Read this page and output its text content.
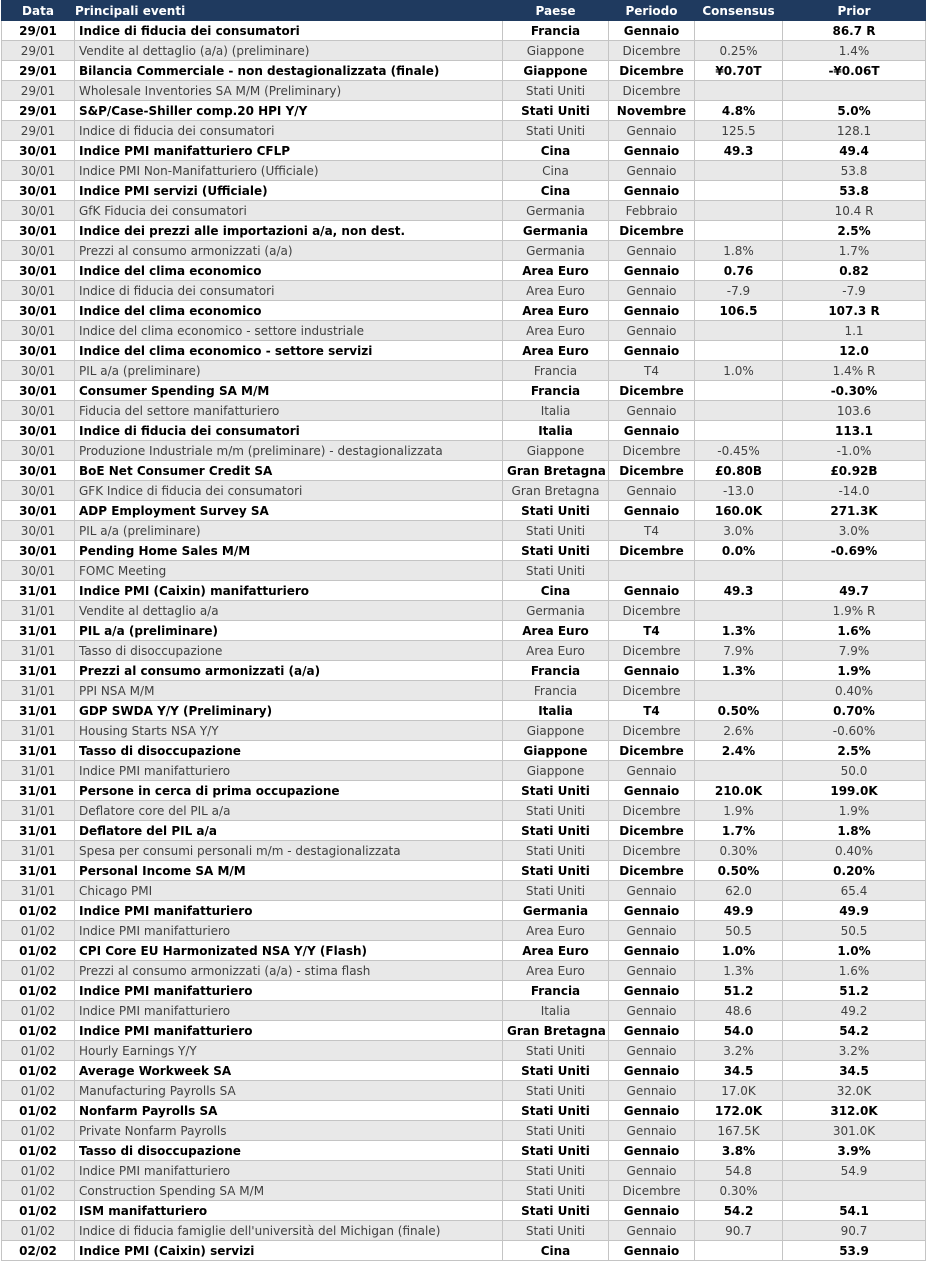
Data	Principali eventi	Paese	Periodo	Consensus	Prior
29/01	Indice di fiducia dei consumatori	Francia	Gennaio		86.7 R
29/01	Vendite al dettaglio (a/a) (preliminare)	Giappone	Dicembre	0.25%	1.4%
29/01	Bilancia Commerciale - non destagionalizzata (finale)	Giappone	Dicembre	¥0.70T	-¥0.06T
29/01	Wholesale Inventories SA M/M (Preliminary)	Stati Uniti	Dicembre		
29/01	S&P/Case-Shiller comp.20 HPI Y/Y	Stati Uniti	Novembre	4.8%	5.0%
29/01	Indice di fiducia dei consumatori	Stati Uniti	Gennaio	125.5	128.1
30/01	Indice PMI manifatturiero CFLP	Cina	Gennaio	49.3	49.4
30/01	Indice PMI Non-Manifatturiero (Ufficiale)	Cina	Gennaio		53.8
30/01	Indice PMI servizi (Ufficiale)	Cina	Gennaio		53.8
30/01	GfK Fiducia dei consumatori	Germania	Febbraio		10.4 R
30/01	Indice dei prezzi alle importazioni a/a, non dest.	Germania	Dicembre		2.5%
30/01	Prezzi al consumo armonizzati (a/a)	Germania	Gennaio	1.8%	1.7%
30/01	Indice del clima economico	Area Euro	Gennaio	0.76	0.82
30/01	Indice di fiducia dei consumatori	Area Euro	Gennaio	-7.9	-7.9
30/01	Indice del clima economico	Area Euro	Gennaio	106.5	107.3 R
30/01	Indice del clima economico - settore industriale	Area Euro	Gennaio		1.1
30/01	Indice del clima economico - settore servizi	Area Euro	Gennaio		12.0
30/01	PIL a/a (preliminare)	Francia	T4	1.0%	1.4% R
30/01	Consumer Spending SA M/M	Francia	Dicembre		-0.30%
30/01	Fiducia del settore manifatturiero	Italia	Gennaio		103.6
30/01	Indice di fiducia dei consumatori	Italia	Gennaio		113.1
30/01	Produzione Industriale m/m (preliminare) - destagionalizzata	Giappone	Dicembre	-0.45%	-1.0%
30/01	BoE Net Consumer Credit SA	Gran Bretagna	Dicembre	£0.80B	£0.92B
30/01	GFK Indice di fiducia dei consumatori	Gran Bretagna	Gennaio	-13.0	-14.0
30/01	ADP Employment Survey SA	Stati Uniti	Gennaio	160.0K	271.3K
30/01	PIL a/a (preliminare)	Stati Uniti	T4	3.0%	3.0%
30/01	Pending Home Sales M/M	Stati Uniti	Dicembre	0.0%	-0.69%
30/01	FOMC Meeting	Stati Uniti			
31/01	Indice PMI (Caixin) manifatturiero	Cina	Gennaio	49.3	49.7
31/01	Vendite al dettaglio a/a	Germania	Dicembre		1.9% R
31/01	PIL a/a (preliminare)	Area Euro	T4	1.3%	1.6%
31/01	Tasso di disoccupazione	Area Euro	Dicembre	7.9%	7.9%
31/01	Prezzi al consumo armonizzati (a/a)	Francia	Gennaio	1.3%	1.9%
31/01	PPI NSA M/M	Francia	Dicembre		0.40%
31/01	GDP SWDA Y/Y (Preliminary)	Italia	T4	0.50%	0.70%
31/01	Housing Starts NSA Y/Y	Giappone	Dicembre	2.6%	-0.60%
31/01	Tasso di disoccupazione	Giappone	Dicembre	2.4%	2.5%
31/01	Indice PMI manifatturiero	Giappone	Gennaio		50.0
31/01	Persone in cerca di prima occupazione	Stati Uniti	Gennaio	210.0K	199.0K
31/01	Deflatore core del PIL a/a	Stati Uniti	Dicembre	1.9%	1.9%
31/01	Deflatore del PIL a/a	Stati Uniti	Dicembre	1.7%	1.8%
31/01	Spesa per consumi personali m/m - destagionalizzata	Stati Uniti	Dicembre	0.30%	0.40%
31/01	Personal Income SA M/M	Stati Uniti	Dicembre	0.50%	0.20%
31/01	Chicago PMI	Stati Uniti	Gennaio	62.0	65.4
01/02	Indice PMI manifatturiero	Germania	Gennaio	49.9	49.9
01/02	Indice PMI manifatturiero	Area Euro	Gennaio	50.5	50.5
01/02	CPI Core EU Harmonizated NSA Y/Y (Flash)	Area Euro	Gennaio	1.0%	1.0%
01/02	Prezzi al consumo armonizzati (a/a) - stima flash	Area Euro	Gennaio	1.3%	1.6%
01/02	Indice PMI manifatturiero	Francia	Gennaio	51.2	51.2
01/02	Indice PMI manifatturiero	Italia	Gennaio	48.6	49.2
01/02	Indice PMI manifatturiero	Gran Bretagna	Gennaio	54.0	54.2
01/02	Hourly Earnings Y/Y	Stati Uniti	Gennaio	3.2%	3.2%
01/02	Average Workweek SA	Stati Uniti	Gennaio	34.5	34.5
01/02	Manufacturing Payrolls SA	Stati Uniti	Gennaio	17.0K	32.0K
01/02	Nonfarm Payrolls SA	Stati Uniti	Gennaio	172.0K	312.0K
01/02	Private Nonfarm Payrolls	Stati Uniti	Gennaio	167.5K	301.0K
01/02	Tasso di disoccupazione	Stati Uniti	Gennaio	3.8%	3.9%
01/02	Indice PMI manifatturiero	Stati Uniti	Gennaio	54.8	54.9
01/02	Construction Spending SA M/M	Stati Uniti	Dicembre	0.30%	
01/02	ISM manifatturiero	Stati Uniti	Gennaio	54.2	54.1
01/02	Indice di fiducia famiglie dell'università del Michigan (finale)	Stati Uniti	Gennaio	90.7	90.7
02/02	Indice PMI (Caixin) servizi	Cina	Gennaio		53.9
